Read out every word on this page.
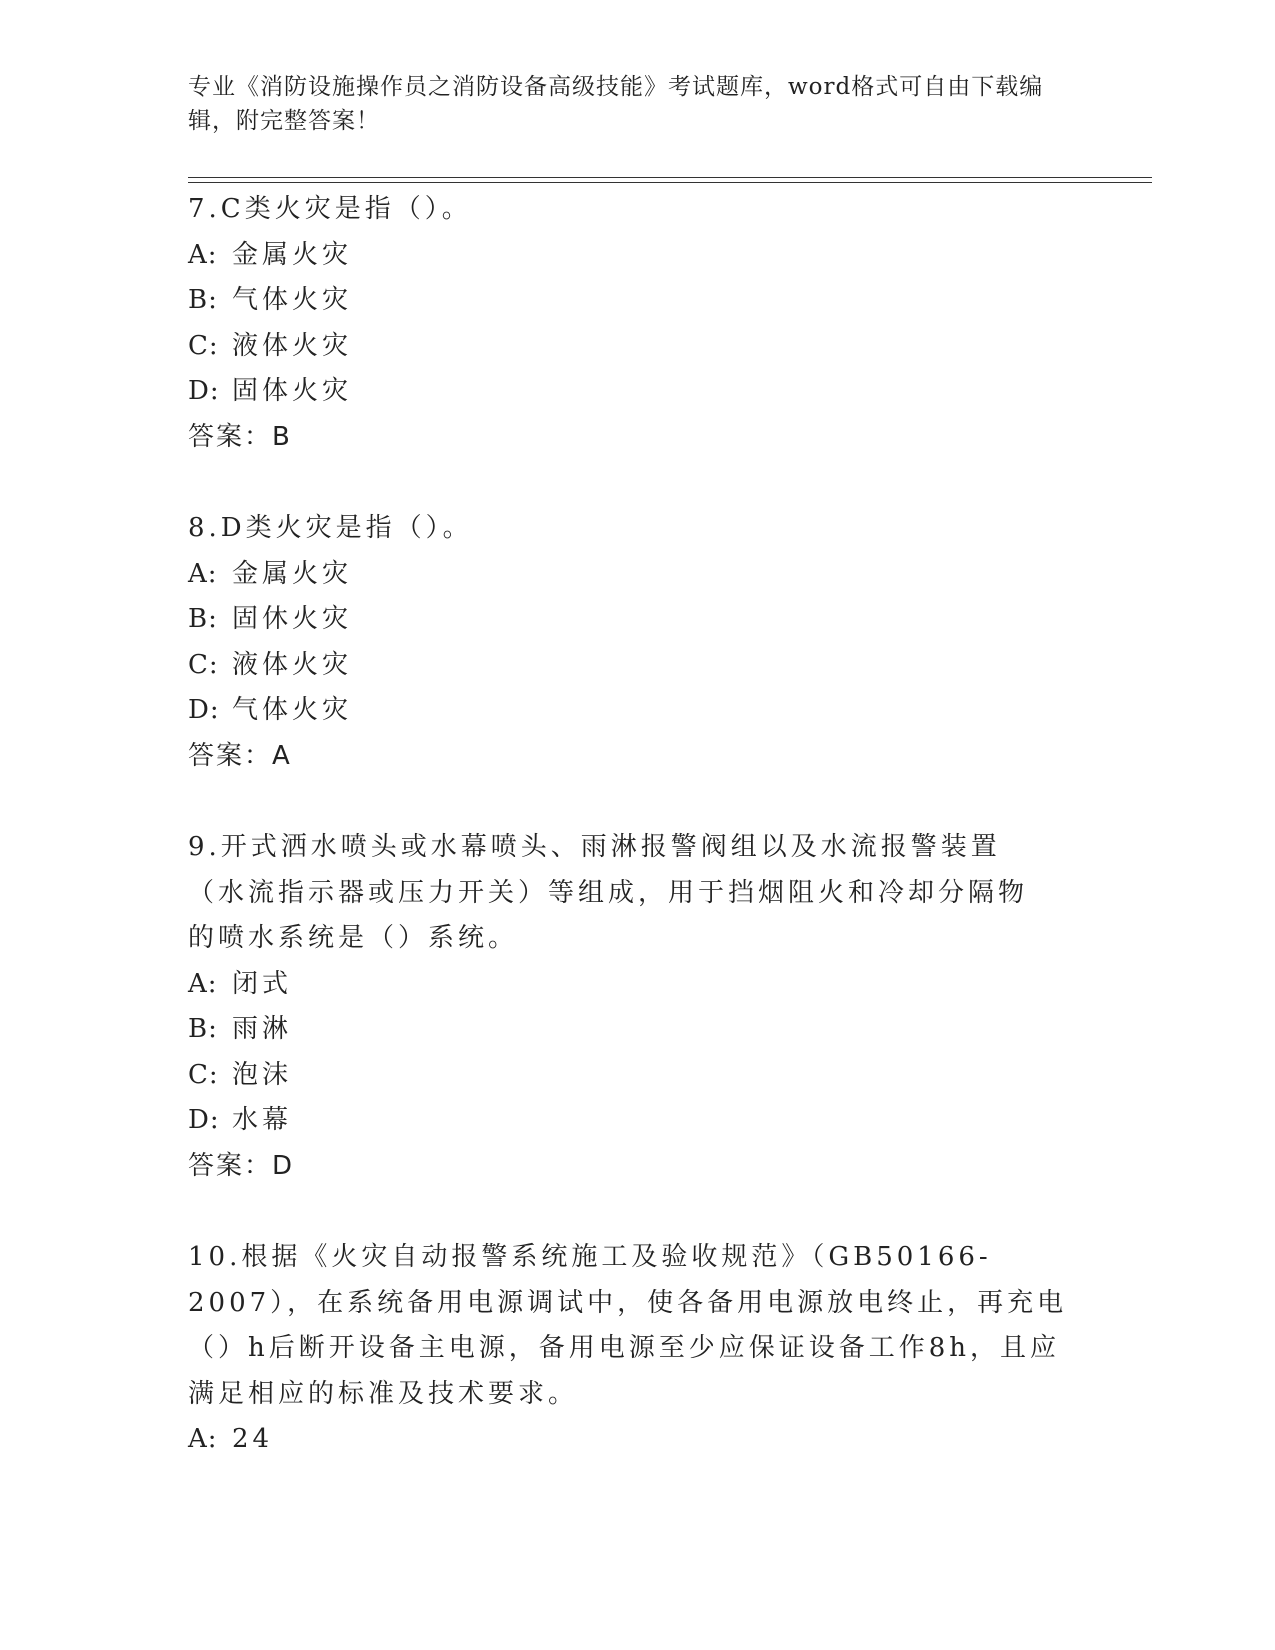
专业《消防设施操作员之消防设备高级技能》考试题库，word格式可自由下载编辑，附完整答案！

7.C类火灾是指（）。

A: 金属火灾

B: 气体火灾

C: 液体火灾

D: 固体火灾

答案：B

8.D类火灾是指（）。

A: 金属火灾

B: 固休火灾

C: 液体火灾

D: 气体火灾

答案：A

9.开式洒水喷头或水幕喷头、雨淋报警阀组以及水流报警装置（水流指示器或压力开关）等组成，用于挡烟阻火和冷却分隔物的喷水系统是（）系统。

A: 闭式

B: 雨淋

C: 泡沫

D: 水幕

答案：D

10.根据《火灾自动报警系统施工及验收规范》（GB50166-2007），在系统备用电源调试中，使各备用电源放电终止，再充电（）h后断开设备主电源，备用电源至少应保证设备工作8h，且应满足相应的标准及技术要求。

A: 24
